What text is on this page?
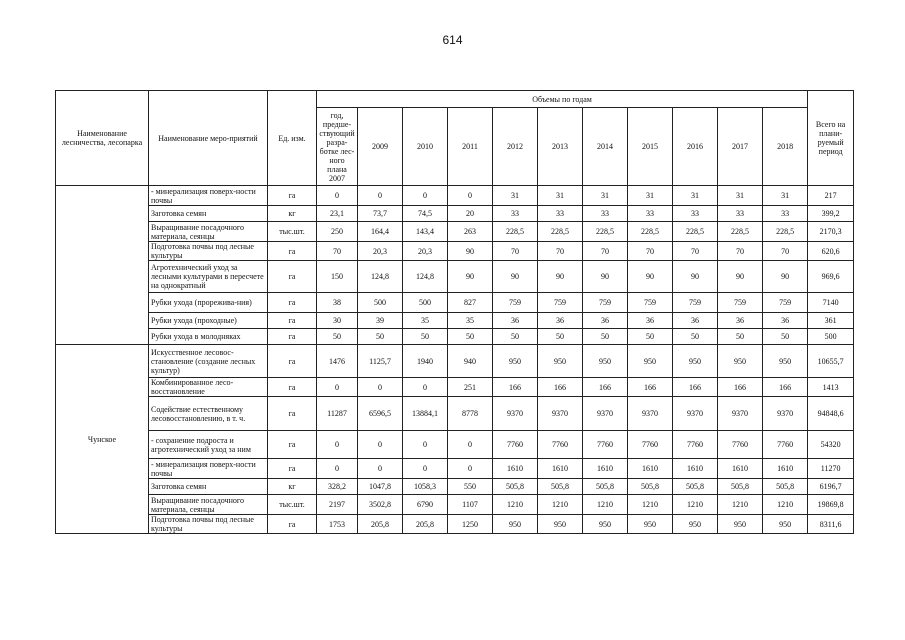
614
Наименование лесничества, лесопарка	Наименование меро-приятий	Ед. изм.	Объемы по годам											Всего на плани-руемый период
			год, предше-ствующий разра-ботке лес-ного плана 2007	2009	2010	2011	2012	2013	2014	2015	2016	2017	2018	
	- минерализация поверх-ности почвы	га	0	0	0	0	31	31	31	31	31	31	31	217
	Заготовка семян	кг	23,1	73,7	74,5	20	33	33	33	33	33	33	33	399,2
	Выращивание посадочного материала, сеянцы	тыс.шт.	250	164,4	143,4	263	228,5	228,5	228,5	228,5	228,5	228,5	228,5	2170,3
	Подготовка почвы под лесные культуры	га	70	20,3	20,3	90	70	70	70	70	70	70	70	620,6
	Агротехнический уход за лесными культурами в пересчете на однократный	га	150	124,8	124,8	90	90	90	90	90	90	90	90	969,6
	Рубки ухода (прорежива-ния)	га	38	500	500	827	759	759	759	759	759	759	759	7140
	Рубки ухода (проходные)	га	30	39	35	35	36	36	36	36	36	36	36	361
	Рубки ухода в молодняках	га	50	50	50	50	50	50	50	50	50	50	50	500
Чунское	Искусственное лесовос-становление (создание лесных культур)	га	1476	1125,7	1940	940	950	950	950	950	950	950	950	10655,7
	Комбинированное лесо-восстановление	га	0	0	0	251	166	166	166	166	166	166	166	1413
	Содействие естественному лесовосстановлению, в т. ч.	га	11287	6596,5	13884,1	8778	9370	9370	9370	9370	9370	9370	9370	94848,6
	- сохранение подроста и агротехнический уход за ним	га	0	0	0	0	7760	7760	7760	7760	7760	7760	7760	54320
	- минерализация поверх-ности почвы	га	0	0	0	0	1610	1610	1610	1610	1610	1610	1610	11270
	Заготовка семян	кг	328,2	1047,8	1058,3	550	505,8	505,8	505,8	505,8	505,8	505,8	505,8	6196,7
	Выращивание посадочного материала, сеянцы	тыс.шт.	2197	3502,8	6790	1107	1210	1210	1210	1210	1210	1210	1210	19869,8
	Подготовка почвы под лесные культуры	га	1753	205,8	205,8	1250	950	950	950	950	950	950	950	8311,6
